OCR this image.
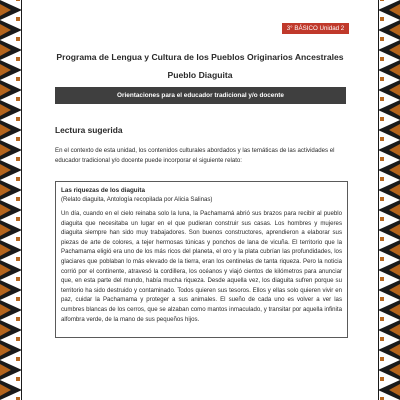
3° BÁSICO Unidad 2
Programa de Lengua y Cultura de los Pueblos Originarios Ancestrales
Pueblo Diaguita
Orientaciones para el educador tradicional y/o docente
Lectura sugerida
En el contexto de esta unidad, los contenidos culturales abordados y las temáticas de las actividades el educador tradicional y/o docente puede incorporar el siguiente relato:
Las riquezas de los diaguita
(Relato diaguita, Antología recopilada por Alicia Salinas)
Un día, cuando en el cielo reinaba solo la luna, la Pachamamá abrió sus brazos para recibir al pueblo diaguita que necesitaba un lugar en el que pudieran construir sus casas. Los hombres y mujeres diaguita siempre han sido muy trabajadores. Son buenos constructores, aprendieron a elaborar sus piezas de arte de colores, a tejer hermosas túnicas y ponchos de lana de vicuña. El territorio que la Pachamama eligió era uno de los más ricos del planeta, el oro y la plata cubrían las profundidades, los glaciares que poblaban lo más elevado de la tierra, eran los centinelas de tanta riqueza. Pero la noticia corrió por el continente, atravesó la cordillera, los océanos y viajó cientos de kilómetros para anunciar que, en esta parte del mundo, había mucha riqueza. Desde aquella vez, los diaguita sufren porque su territorio ha sido destruido y contaminado. Todos quieren sus tesoros. Ellos y ellas solo quieren vivir en paz, cuidar la Pachamama y proteger a sus animales. El sueño de cada uno es volver a ver las cumbres blancas de los cerros, que se alzaban como mantos inmaculado, y transitar por aquella infinita alfombra verde, de la mano de sus pequeños hijos.
